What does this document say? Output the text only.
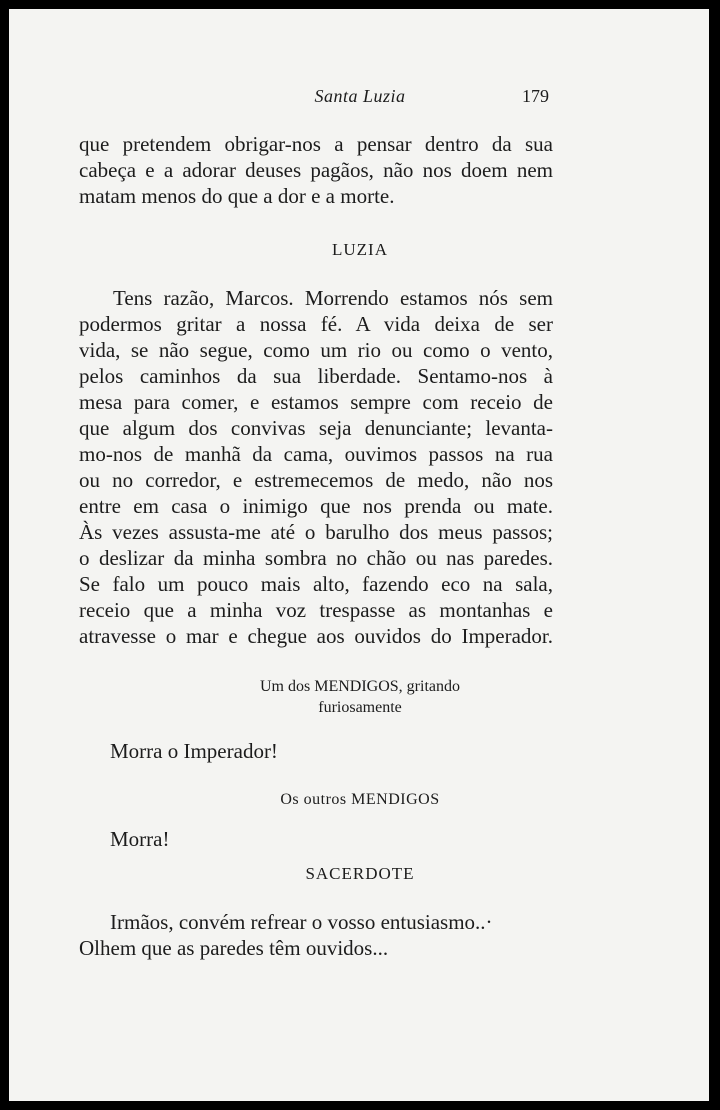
Santa Luzia	179
que pretendem obrigar-nos a pensar dentro da sua
cabeça e a adorar deuses pagãos, não nos doem nem
matam menos do que a dor e a morte.
LUZIA
Tens razão, Marcos. Morrendo estamos nós sem
podermos gritar a nossa fé. A vida deixa de ser
vida, se não segue, como um rio ou como o vento,
pelos caminhos da sua liberdade. Sentamo-nos à
mesa para comer, e estamos sempre com receio de
que algum dos convivas seja denunciante; levanta-
mo-nos de manhã da cama, ouvimos passos na rua
ou no corredor, e estremecemos de medo, não nos
entre em casa o inimigo que nos prenda ou mate.
Às vezes assusta-me até o barulho dos meus passos;
o deslizar da minha sombra no chão ou nas paredes.
Se falo um pouco mais alto, fazendo eco na sala,
receio que a minha voz trespasse as montanhas e
atravesse o mar e chegue aos ouvidos do Imperador.
Um dos MENDIGOS, gritando
furiosamente
Morra o Imperador!
Os outros MENDIGOS
Morra!
SACERDOTE
Irmãos, convém refrear o vosso entusiasmo..·
Olhem que as paredes têm ouvidos...
